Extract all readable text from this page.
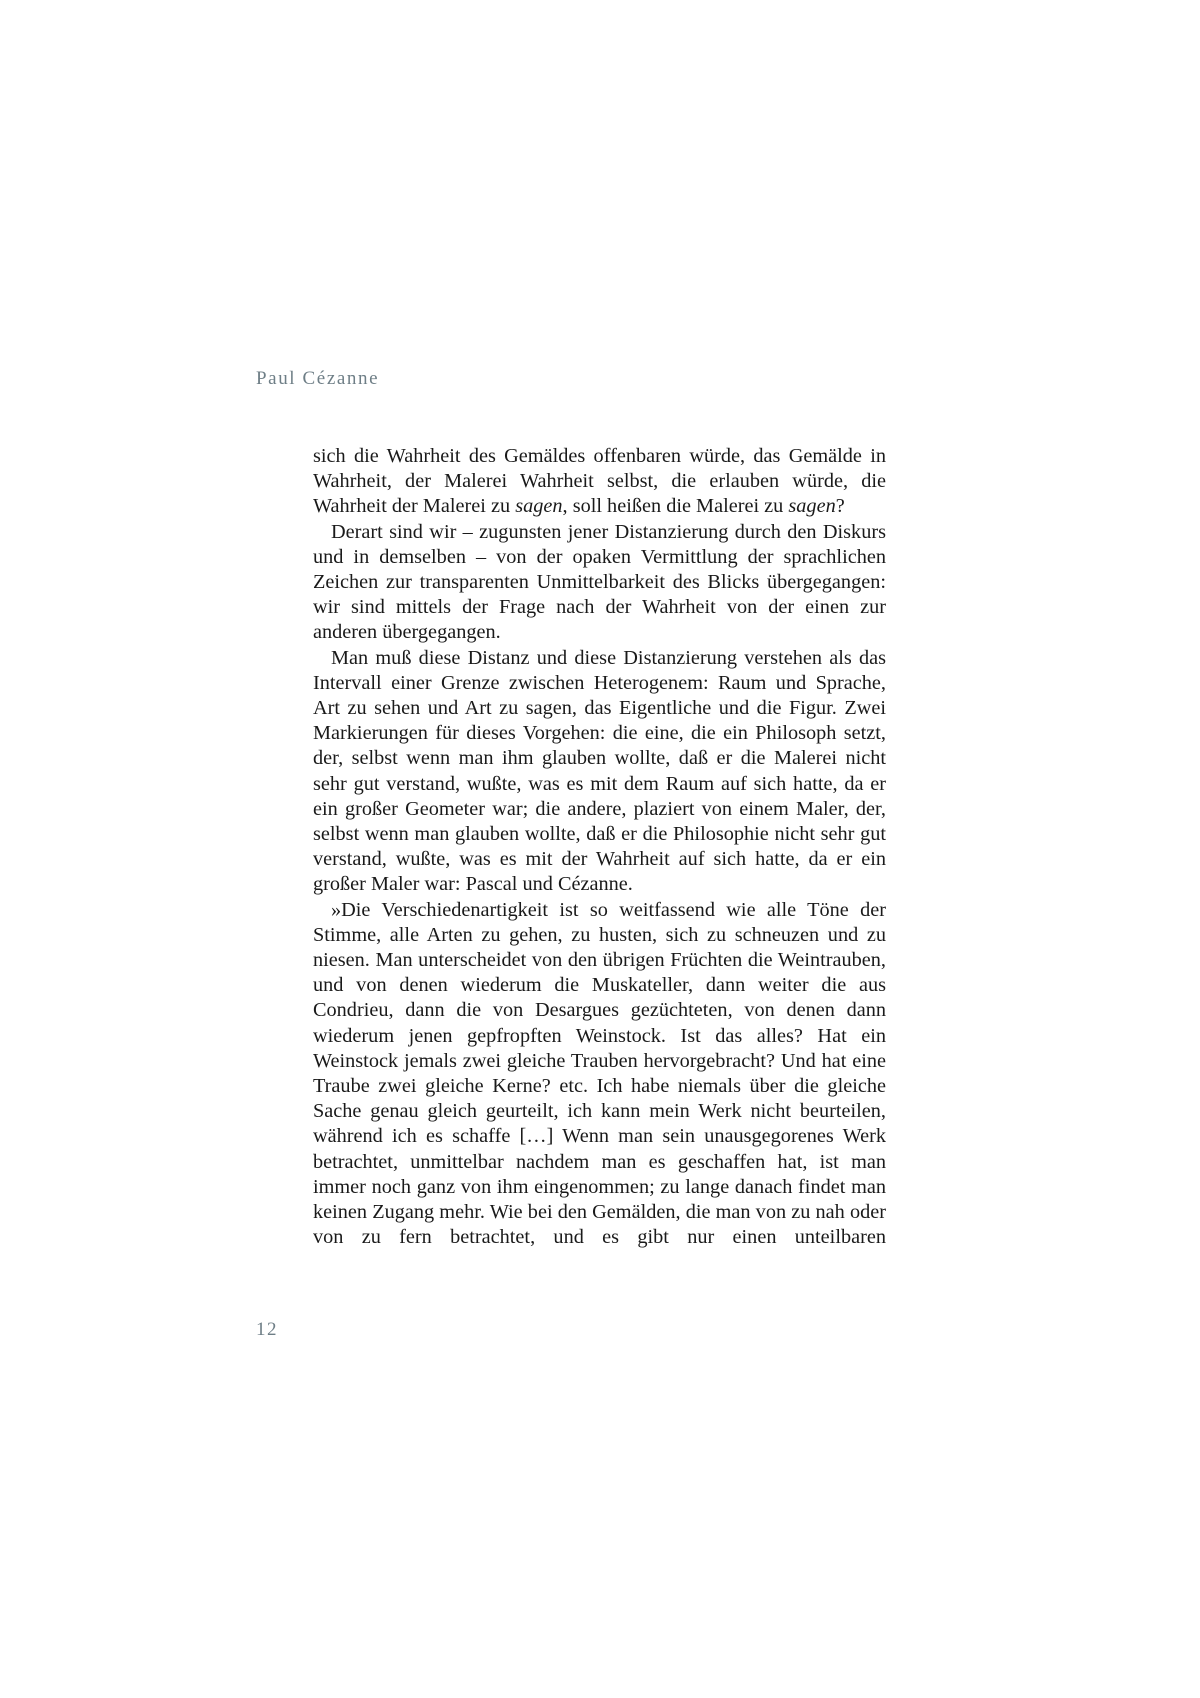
Paul Cézanne

sich die Wahrheit des Gemäldes offenbaren würde, das Gemälde in Wahrheit, der Malerei Wahrheit selbst, die erlauben würde, die Wahrheit der Malerei zu sagen, soll heißen die Malerei zu sagen?

Derart sind wir – zugunsten jener Distanzierung durch den Diskurs und in demselben – von der opaken Vermittlung der sprachlichen Zeichen zur transparenten Unmittelbarkeit des Blicks übergegangen: wir sind mittels der Frage nach der Wahrheit von der einen zur anderen übergegangen.

Man muß diese Distanz und diese Distanzierung verstehen als das Intervall einer Grenze zwischen Heterogenem: Raum und Sprache, Art zu sehen und Art zu sagen, das Eigentliche und die Figur. Zwei Markierungen für dieses Vorgehen: die eine, die ein Philosoph setzt, der, selbst wenn man ihm glauben wollte, daß er die Malerei nicht sehr gut verstand, wußte, was es mit dem Raum auf sich hatte, da er ein großer Geometer war; die andere, plaziert von einem Maler, der, selbst wenn man glauben wollte, daß er die Philosophie nicht sehr gut verstand, wußte, was es mit der Wahrheit auf sich hatte, da er ein großer Maler war: Pascal und Cézanne.

»Die Verschiedenartigkeit ist so weitfassend wie alle Töne der Stimme, alle Arten zu gehen, zu husten, sich zu schneuzen und zu niesen. Man unterscheidet von den übrigen Früchten die Weintrauben, und von denen wiederum die Muskateller, dann weiter die aus Condrieu, dann die von Desargues gezüchteten, von denen dann wiederum jenen gepfropften Weinstock. Ist das alles? Hat ein Weinstock jemals zwei gleiche Trauben hervorgebracht? Und hat eine Traube zwei gleiche Kerne? etc. Ich habe niemals über die gleiche Sache genau gleich geurteilt, ich kann mein Werk nicht beurteilen, während ich es schaffe […] Wenn man sein unausgegorenes Werk betrachtet, unmittelbar nachdem man es geschaffen hat, ist man immer noch ganz von ihm eingenommen; zu lange danach findet man keinen Zugang mehr. Wie bei den Gemälden, die man von zu nah oder von zu fern betrachtet, und es gibt nur einen unteilbaren

12
